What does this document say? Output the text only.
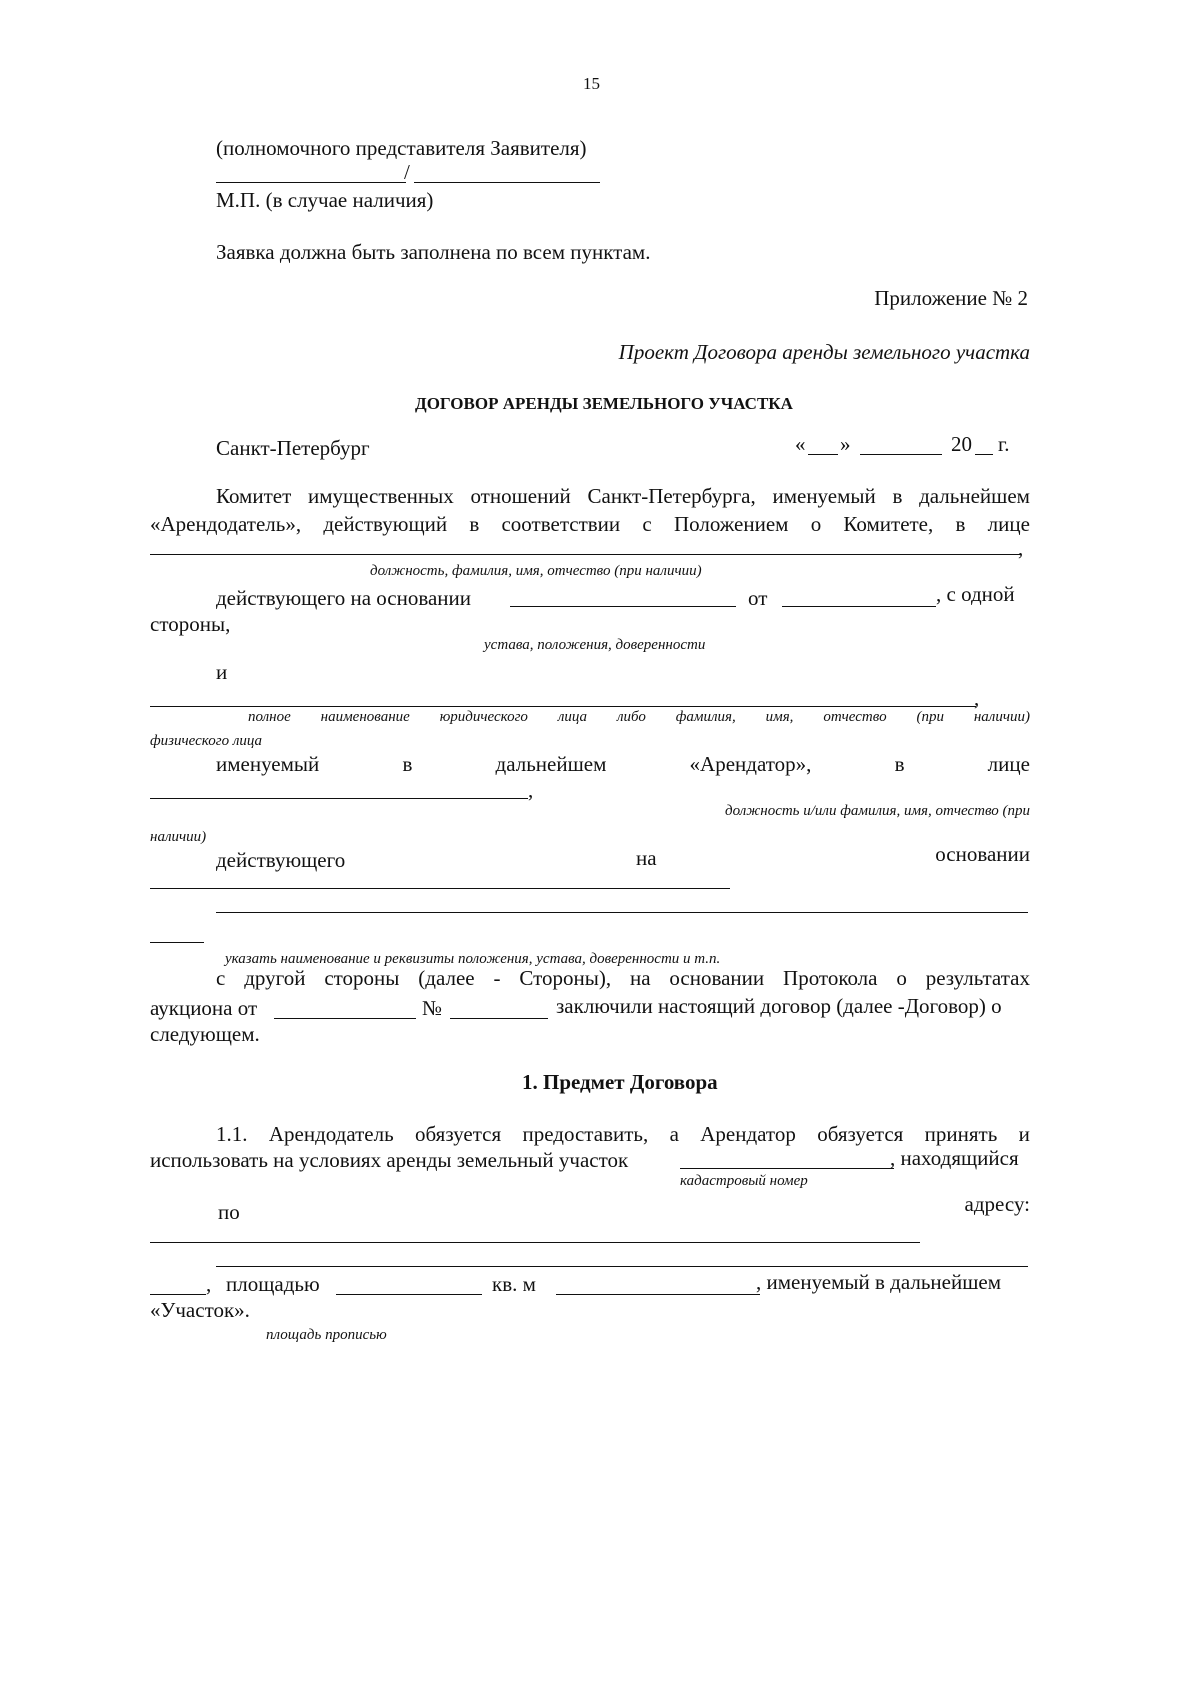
15
(полномочного представителя Заявителя)
/
М.П. (в случае наличия)
Заявка должна быть заполнена по всем пунктам.
Приложение № 2
Проект Договора аренды земельного участка
ДОГОВОР АРЕНДЫ ЗЕМЕЛЬНОГО УЧАСТКА
Санкт-Петербург	« »	20 г.
Комитет имущественных отношений Санкт-Петербурга, именуемый в дальнейшем
«Арендодатель», действующий в соответствии с Положением о Комитете, в лице
,
должность, фамилия, имя, отчество (при наличии)
действующего на основании	от	, с одной
стороны,
устава, положения, доверенности
и
,
полное наименование юридического лица либо фамилия, имя, отчество (при наличии)
физического лица
именуемый	в	дальнейшем	«Арендатор»,	в	лице
,
должность и/или фамилия, имя, отчество (при
наличии)
действующего	на	основании
указать наименование и реквизиты положения, устава, доверенности и т.п.
с другой стороны (далее - Стороны), на основании Протокола о результатах
аукциона от	№	заключили настоящий договор (далее -Договор) о
следующем.
1. Предмет Договора
1.1. Арендодатель обязуется предоставить, а Арендатор обязуется принять и
использовать на условиях аренды земельный участок	, находящийся
кадастровый номер
по	адресу:
, площадью	кв. м	, именуемый в дальнейшем
«Участок».
площадь прописью
